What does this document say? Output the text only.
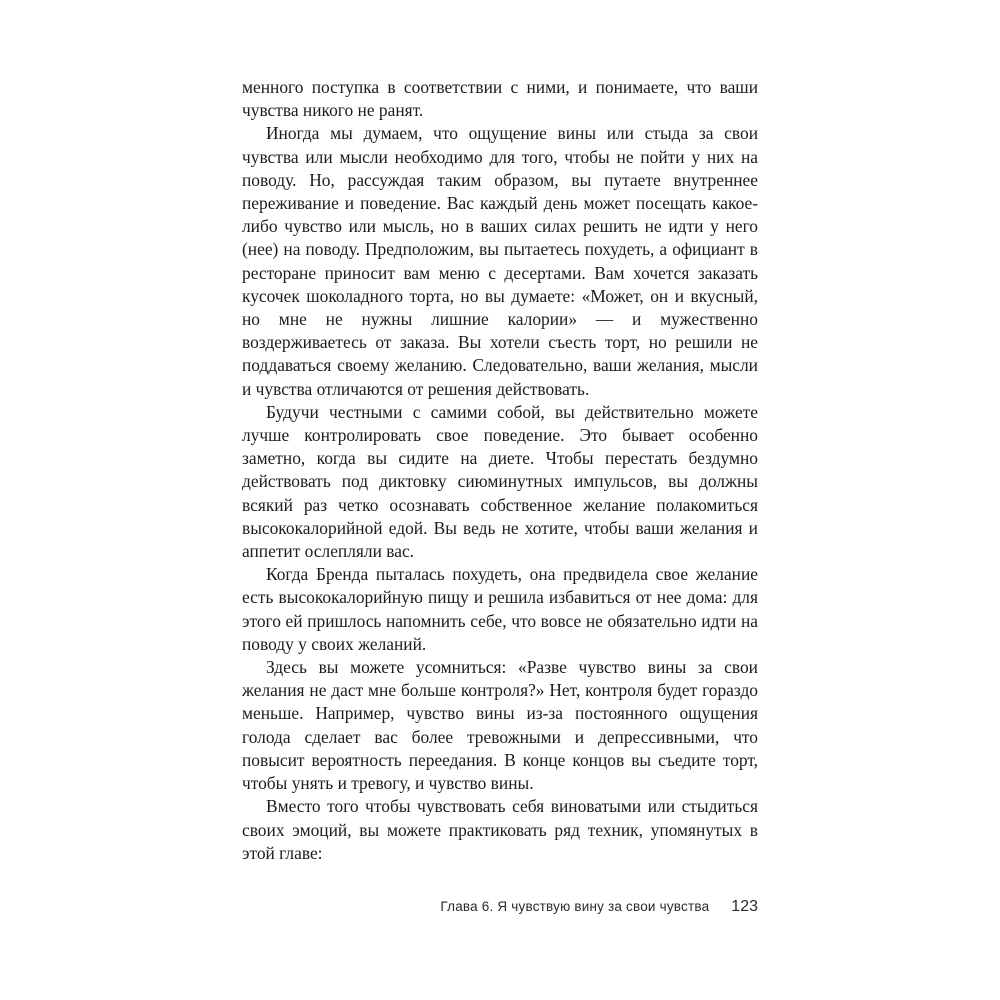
менного поступка в соответствии с ними, и понимаете, что ваши чувства никого не ранят.

Иногда мы думаем, что ощущение вины или стыда за свои чувства или мысли необходимо для того, чтобы не пойти у них на поводу. Но, рассуждая таким образом, вы путаете внутреннее переживание и поведение. Вас каждый день может посещать какое-либо чувство или мысль, но в ваших силах решить не идти у него (нее) на поводу. Предположим, вы пытаетесь похудеть, а официант в ресторане приносит вам меню с десертами. Вам хочется заказать кусочек шоколадного торта, но вы думаете: «Может, он и вкусный, но мне не нужны лишние калории» — и мужественно воздерживаетесь от заказа. Вы хотели съесть торт, но решили не поддаваться своему желанию. Следовательно, ваши желания, мысли и чувства отличаются от решения действовать.

Будучи честными с самими собой, вы действительно можете лучше контролировать свое поведение. Это бывает особенно заметно, когда вы сидите на диете. Чтобы перестать бездумно действовать под диктовку сиюминутных импульсов, вы должны всякий раз четко осознавать собственное желание полакомиться высококалорийной едой. Вы ведь не хотите, чтобы ваши желания и аппетит ослепляли вас.

Когда Бренда пыталась похудеть, она предвидела свое желание есть высококалорийную пищу и решила избавиться от нее дома: для этого ей пришлось напомнить себе, что вовсе не обязательно идти на поводу у своих желаний.

Здесь вы можете усомниться: «Разве чувство вины за свои желания не даст мне больше контроля?» Нет, контроля будет гораздо меньше. Например, чувство вины из-за постоянного ощущения голода сделает вас более тревожными и депрессивными, что повысит вероятность переедания. В конце концов вы съедите торт, чтобы унять и тревогу, и чувство вины.

Вместо того чтобы чувствовать себя виноватыми или стыдиться своих эмоций, вы можете практиковать ряд техник, упомянутых в этой главе:

Глава 6. Я чувствую вину за свои чувства 123
